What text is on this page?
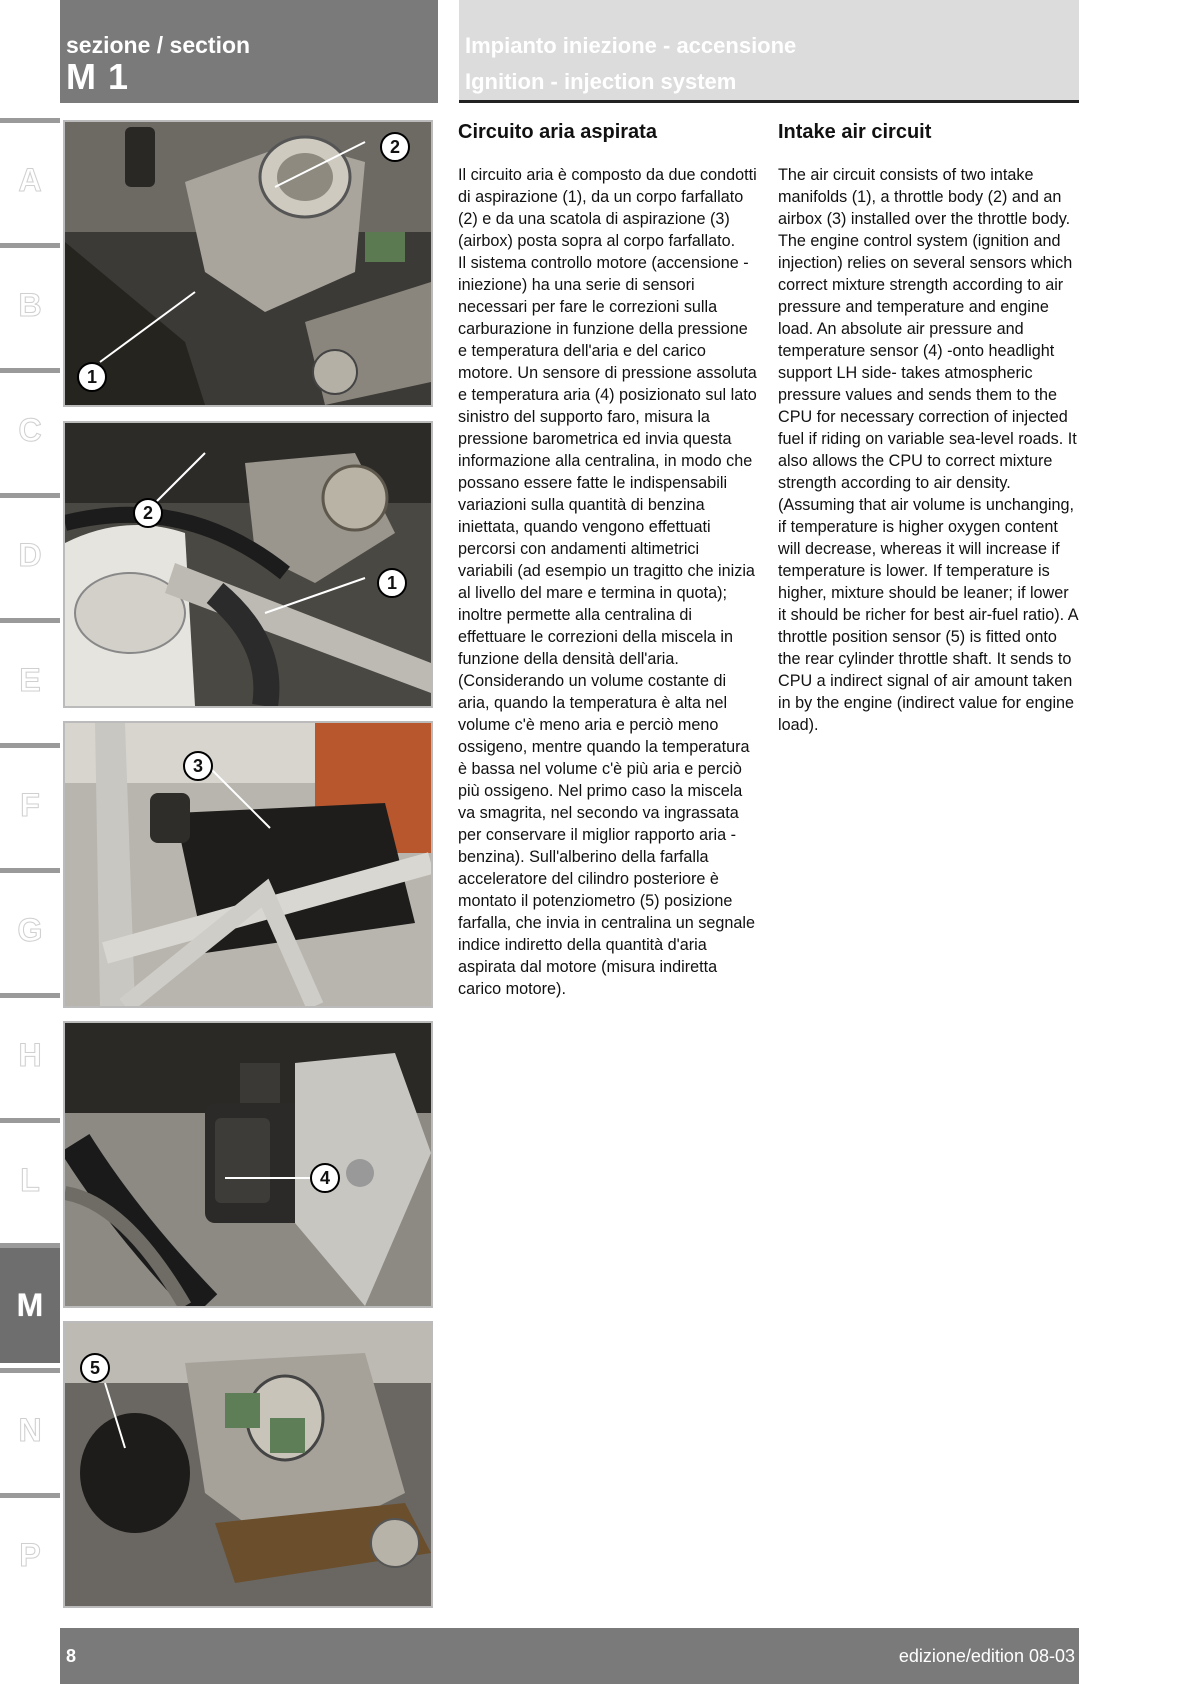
sezione / section
M 1
Impianto iniezione - accensione
Ignition - injection system
A
B
C
D
E
F
G
H
L
M
N
P
2
1
2
1
3
4
5
Circuito aria aspirata

Il circuito aria è composto da due condotti di aspirazione (1), da un corpo farfallato (2) e da una scatola di aspirazione (3) (airbox) posta sopra al corpo farfallato.

Il sistema controllo motore (accensione - iniezione) ha una serie di sensori necessari per fare le correzioni sulla carburazione in funzione della pressione e temperatura dell'aria e del carico motore. Un sensore di pressione assoluta e temperatura aria (4) posizionato sul lato sinistro del supporto faro, misura la pressione barometrica ed invia questa informazione alla centralina, in modo che possano essere fatte le indispensabili variazioni sulla quantità di benzina iniettata, quando vengono effettuati percorsi con andamenti altimetrici variabili (ad esempio un tragitto che inizia al livello del mare e termina in quota); inoltre permette alla centralina di effettuare le correzioni della miscela in funzione della densità dell'aria. (Considerando un volume costante di aria, quando la temperatura è alta nel volume c'è meno aria e perciò meno ossigeno, mentre quando la temperatura è bassa nel volume c'è più aria e perciò più ossigeno. Nel primo caso la miscela va smagrita, nel secondo va ingrassata per conservare il miglior rapporto aria - benzina). Sull'alberino della farfalla acceleratore del cilindro posteriore è montato il potenziometro (5) posizione farfalla, che invia in centralina un segnale indice indiretto della quantità d'aria aspirata dal motore (misura indiretta carico motore).

Intake air circuit

The air circuit consists of two intake manifolds (1), a throttle body (2) and an airbox (3) installed over the throttle body.

The engine control system (ignition and injection) relies on several sensors which correct mixture strength according to air pressure and temperature and engine load. An absolute air pressure and temperature sensor (4) -onto headlight support LH side- takes atmospheric pressure values and sends them to the CPU for necessary correction of injected fuel if riding on variable sea-level roads. It also allows the CPU to correct mixture strength according to air density. (Assuming that air volume is unchanging, if temperature is higher oxygen content will decrease, whereas it will increase if temperature is lower. If temperature is higher, mixture should be leaner; if lower it should be richer for best air-fuel ratio). A throttle position sensor (5) is fitted onto the rear cylinder throttle shaft. It sends to CPU a indirect signal of air amount taken in by the engine (indirect value for engine load).

8	edizione/edition 08-03
